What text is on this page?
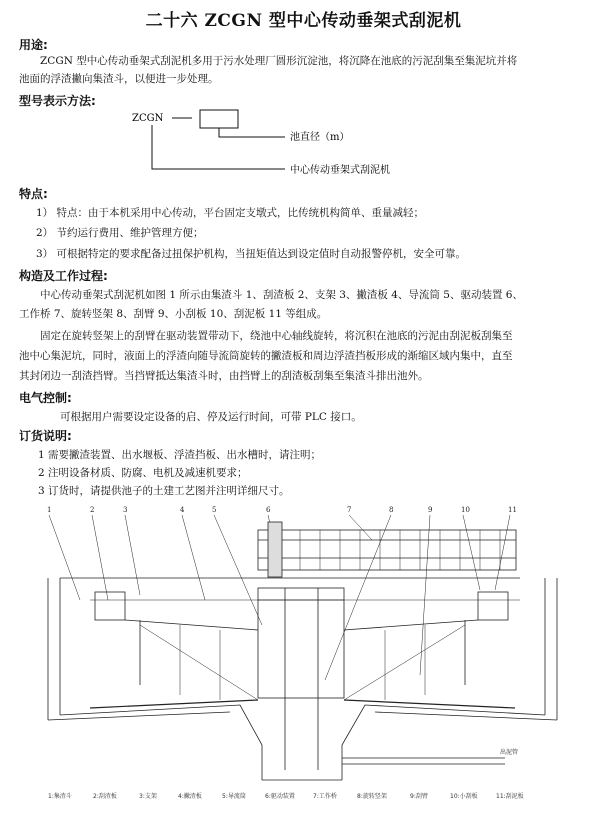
二十六 ZCGN 型中心传动垂架式刮泥机
用途:
ZCGN 型中心传动垂架式刮泥机多用于污水处理厂圆形沉淀池，将沉降在池底的污泥刮集至集泥坑并将
池面的浮渣撇向集渣斗，以便进一步处理。
型号表示方法:
ZCGN
池直径（m）
中心传动垂架式刮泥机
特点:
1） 特点：由于本机采用中心传动，平台固定支墩式，比传统机构简单、重量减轻；
2） 节约运行费用、维护管理方便；
3） 可根据特定的要求配备过扭保护机构，当扭矩值达到设定值时自动报警停机，安全可靠。
构造及工作过程:
中心传动垂架式刮泥机如图 1 所示由集渣斗 1、刮渣板 2、支架 3、撇渣板 4、导流筒 5、驱动装置 6、
工作桥 7、旋转竖架 8、刮臂 9、小刮板 10、刮泥板 11 等组成。
固定在旋转竖架上的刮臂在驱动装置带动下，绕池中心轴线旋转，将沉积在池底的污泥由刮泥板刮集至
池中心集泥坑，同时，液面上的浮渣向随导流筒旋转的撇渣板和周边浮渣挡板形成的渐缩区域内集中，直至
其封闭边一刮渣挡臂。当挡臂抵达集渣斗时，由挡臂上的刮渣板刮集至集渣斗排出池外。
电气控制:
可根据用户需要设定设备的启、停及运行时间，可带 PLC 接口。
订货说明:
1 需要撇渣装置、出水堰板、浮渣挡板、出水槽时，请注明；
2 注明设备材质、防腐、电机及减速机要求；
3 订货时，请提供池子的土建工艺图并注明详细尺寸。
1	2	3	4	5	6	7	8	9	10	11
出泥管
1:集渣斗	2:刮渣板	3:支架	4:撇渣板	5:导流筒	6:驱动装置	7:工作桥	8:旋转竖架	9:刮臂	10:小刮板	11:刮泥板
